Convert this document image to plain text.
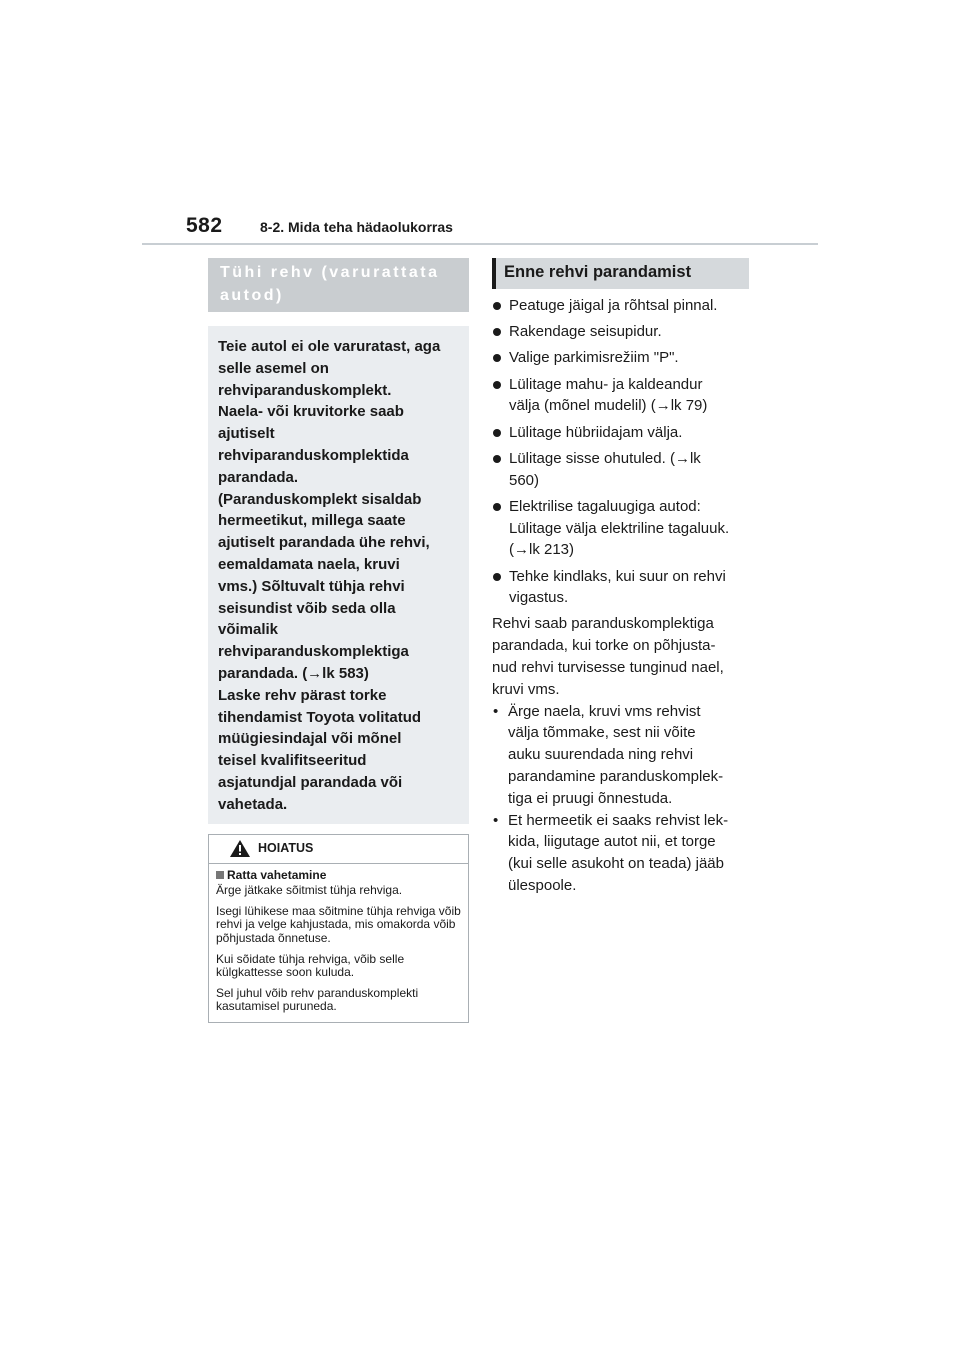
582	8-2. Mida teha hädaolukorras
Tühi rehv (varurattata
autod)
Teie autol ei ole varuratast, aga
selle asemel on
rehviparanduskomplekt.
Naela- või kruvitorke saab
ajutiselt
rehviparanduskomplektida
parandada.
(Paranduskomplekt sisaldab
hermeetikut, millega saate
ajutiselt parandada ühe rehvi,
eemaldamata naela, kruvi
vms.) Sõltuvalt tühja rehvi
seisundist võib seda olla
võimalik
rehviparanduskomplektiga
parandada. (→lk 583)
Laske rehv pärast torke
tihendamist Toyota volitatud
müügiesindajal või mõnel
teisel kvalifitseeritud
asjatundjal parandada või
vahetada.
HOIATUS

Ratta vahetamine

Ärge jätkake sõitmist tühja rehviga.

Isegi lühikese maa sõitmine tühja rehviga võib rehvi ja velge kahjustada, mis omakorda võib põhjustada õnnetuse.

Kui sõidate tühja rehviga, võib selle külgkattesse soon kuluda.

Sel juhul võib rehv paranduskomplekti kasutamisel puruneda.

Enne rehvi parandamist
Peatuge jäigal ja rõhtsal pinnal.
Rakendage seisupidur.
Valige parkimisrežiim "P".
Lülitage mahu- ja kaldeandur
välja (mõnel mudelil) (→lk 79)
Lülitage hübriidajam välja.
Lülitage sisse ohutuled. (→lk
560)
Elektrilise tagaluugiga autod:
Lülitage välja elektriline tagaluuk.
(→lk 213)
Tehke kindlaks, kui suur on rehvi
vigastus.
Rehvi saab paranduskomplektiga
parandada, kui torke on põhjusta-
nud rehvi turvisesse tunginud nael,
kruvi vms.
• Ärge naela, kruvi vms rehvist
välja tõmmake, sest nii võite
auku suurendada ning rehvi
parandamine paranduskomplek-
tiga ei pruugi õnnestuda.
• Et hermeetik ei saaks rehvist lek-
kida, liigutage autot nii, et torge
(kui selle asukoht on teada) jääb
ülespoole.
